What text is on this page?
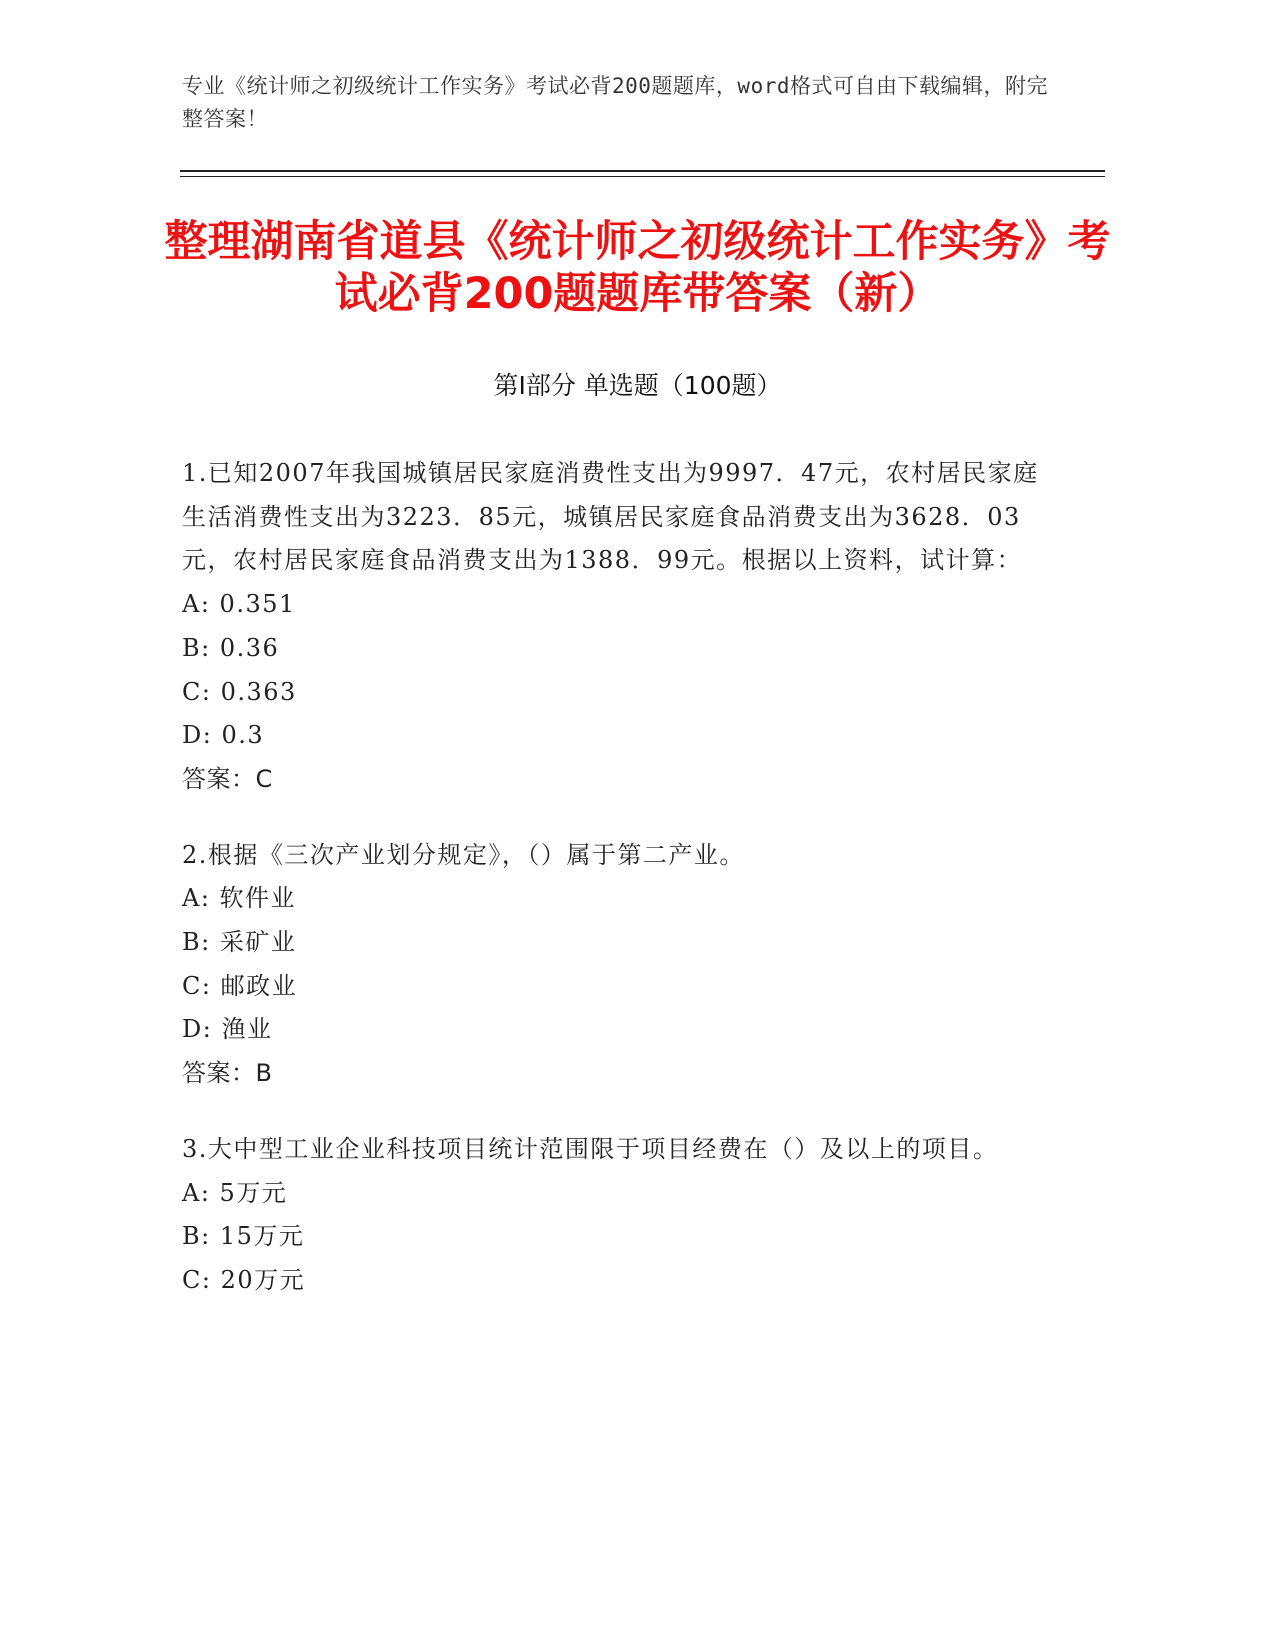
专业《统计师之初级统计工作实务》考试必背200题题库，word格式可自由下载编辑，附完整答案！
整理湖南省道县《统计师之初级统计工作实务》考试必背200题题库带答案（新）
第Ⅰ部分 单选题（100题）
1.已知2007年我国城镇居民家庭消费性支出为9997．47元，农村居民家庭生活消费性支出为3223．85元，城镇居民家庭食品消费支出为3628．03元，农村居民家庭食品消费支出为1388．99元。根据以上资料，试计算：
A: 0.351
B: 0.36
C: 0.363
D: 0.3
答案：C
2.根据《三次产业划分规定》，（）属于第二产业。
A: 软件业
B: 采矿业
C: 邮政业
D: 渔业
答案：B
3.大中型工业企业科技项目统计范围限于项目经费在（）及以上的项目。
A: 5万元
B: 15万元
C: 20万元
